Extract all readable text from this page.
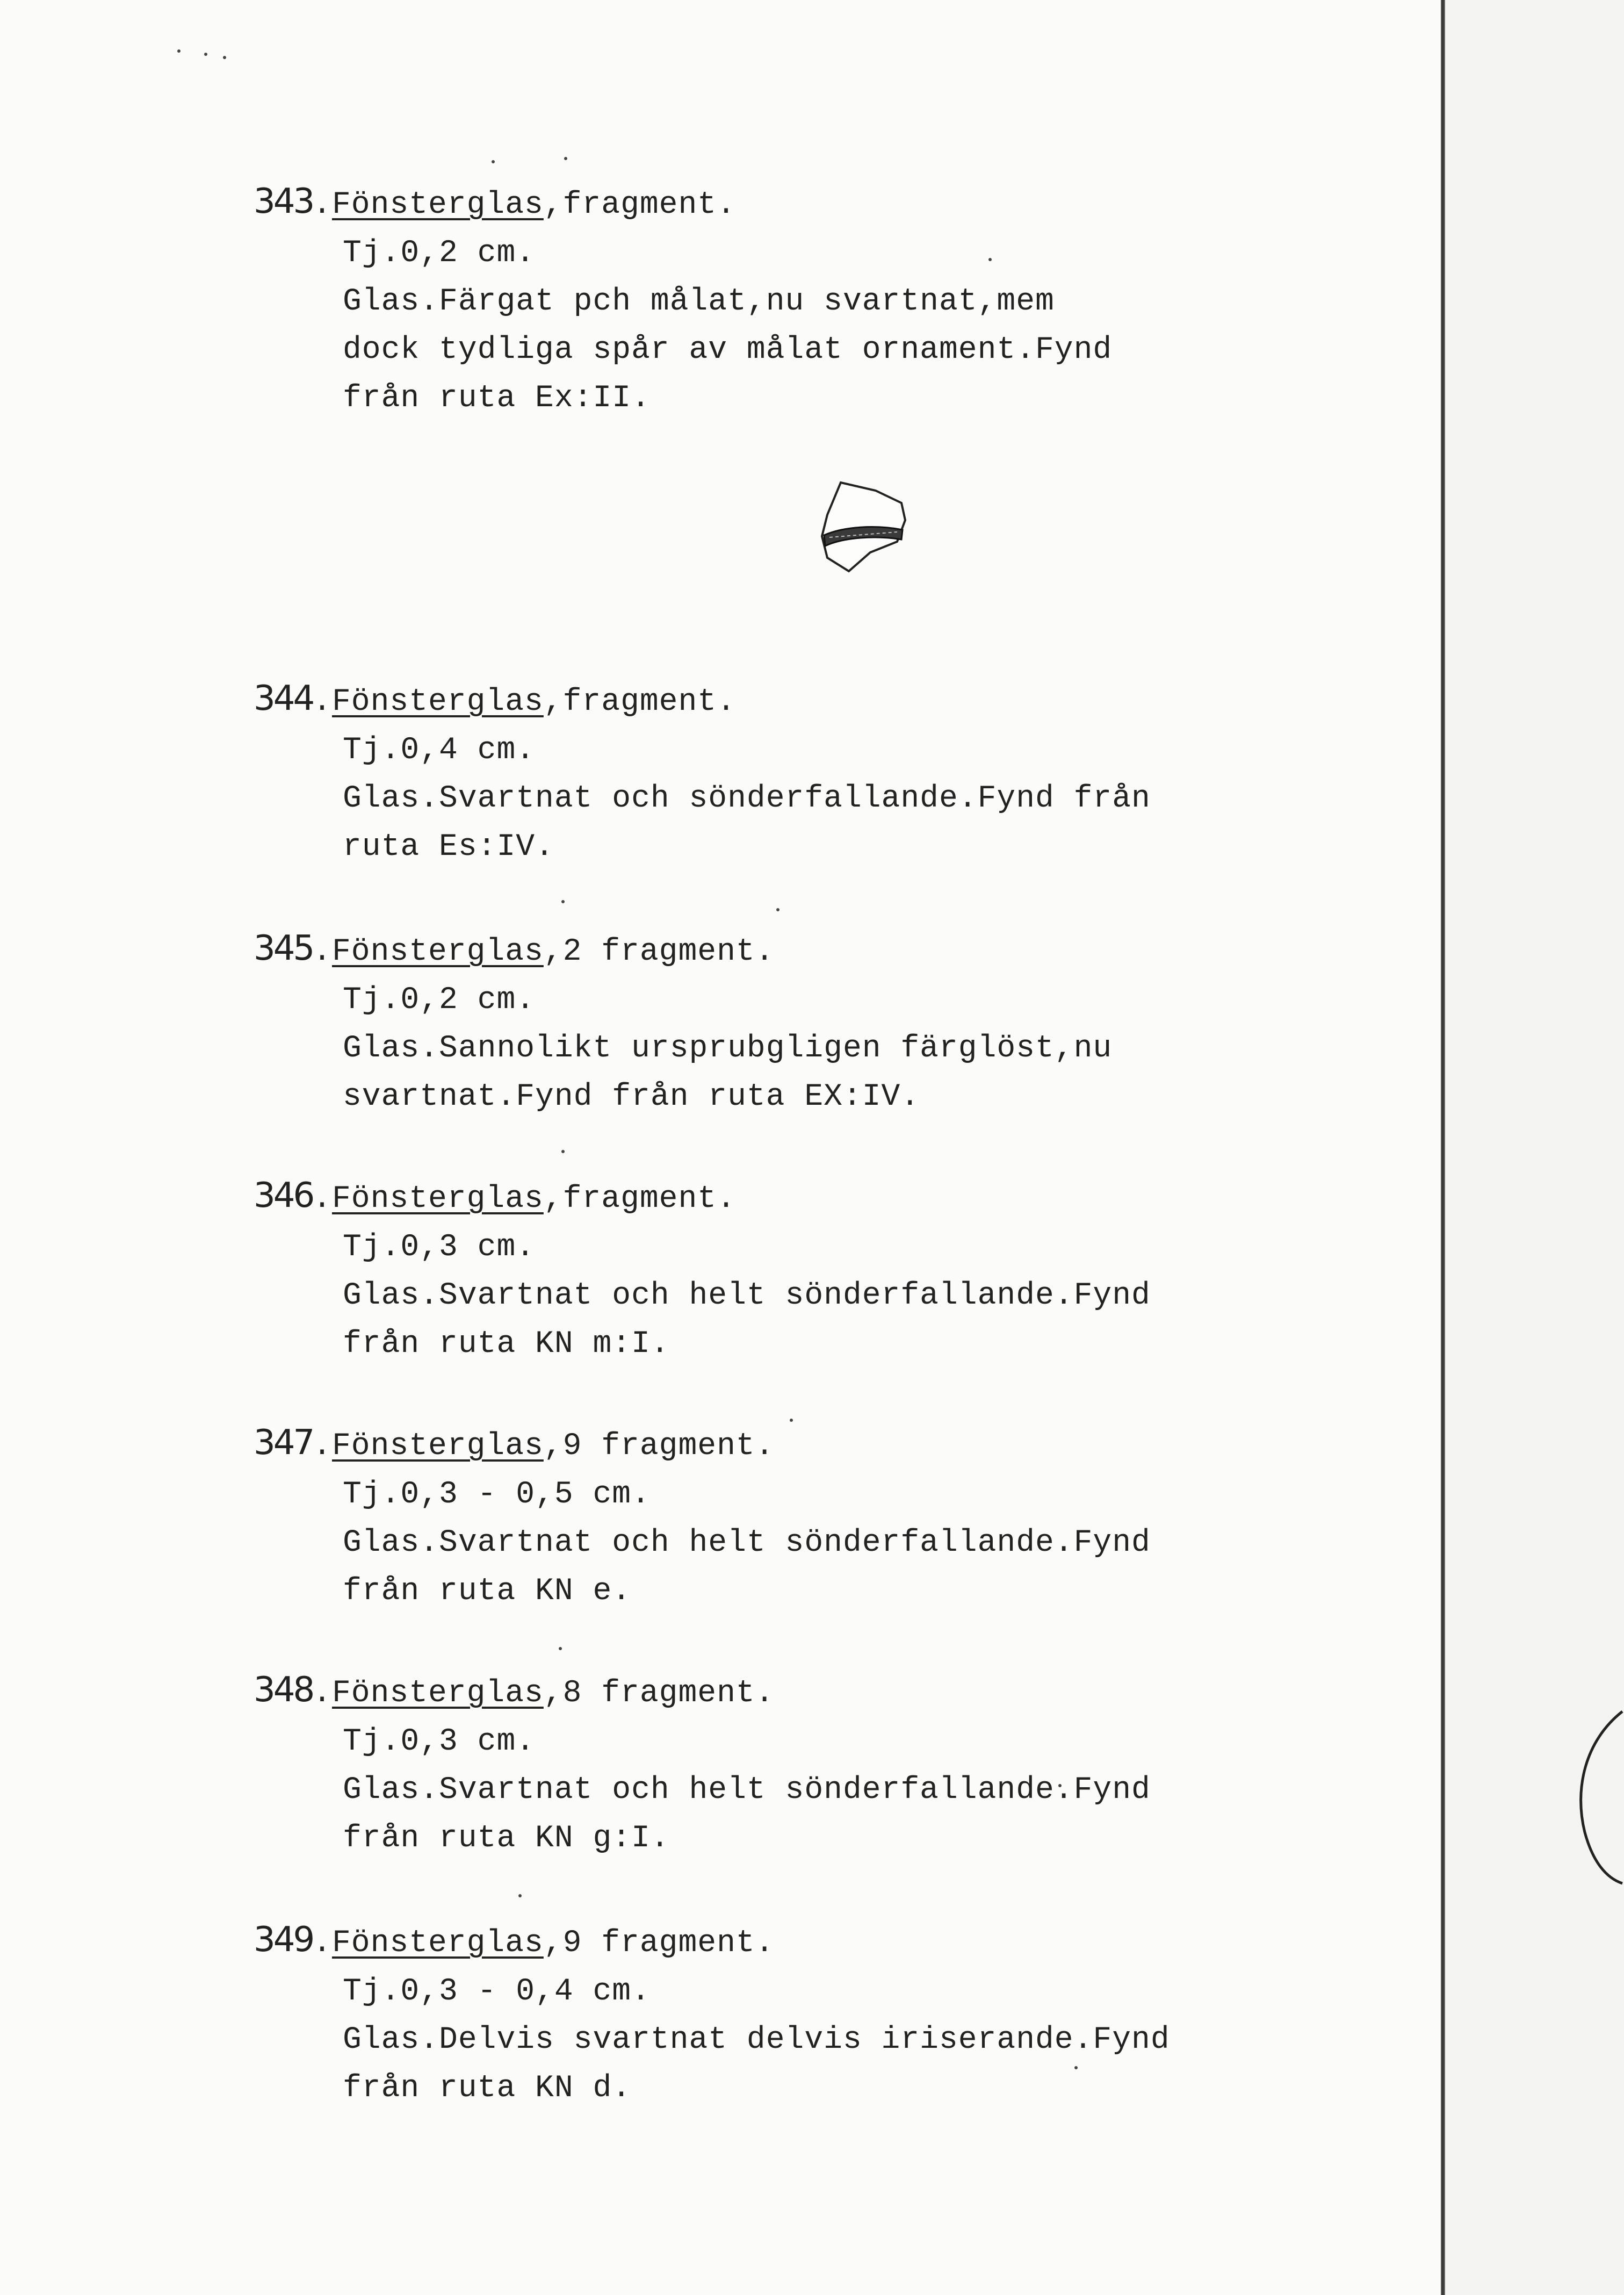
343.Fönsterglas,fragment.
Tj.0,2 cm.
Glas.Färgat pch målat,nu svartnat,mem
dock tydliga spår av målat ornament.Fynd
från ruta Ex:II.
344.Fönsterglas,fragment.
Tj.0,4 cm.
Glas.Svartnat och sönderfallande.Fynd från
ruta Es:IV.
345.Fönsterglas,2 fragment.
Tj.0,2 cm.
Glas.Sannolikt ursprubgligen färglöst,nu
svartnat.Fynd från ruta EX:IV.
346.Fönsterglas,fragment.
Tj.0,3 cm.
Glas.Svartnat och helt sönderfallande.Fynd
från ruta KN m:I.
347.Fönsterglas,9 fragment.
Tj.0,3 - 0,5 cm.
Glas.Svartnat och helt sönderfallande.Fynd
från ruta KN e.
348.Fönsterglas,8 fragment.
Tj.0,3 cm.
Glas.Svartnat och helt sönderfallande.Fynd
från ruta KN g:I.
349.Fönsterglas,9 fragment.
Tj.0,3 - 0,4 cm.
Glas.Delvis svartnat delvis iriserande.Fynd
från ruta KN d.
